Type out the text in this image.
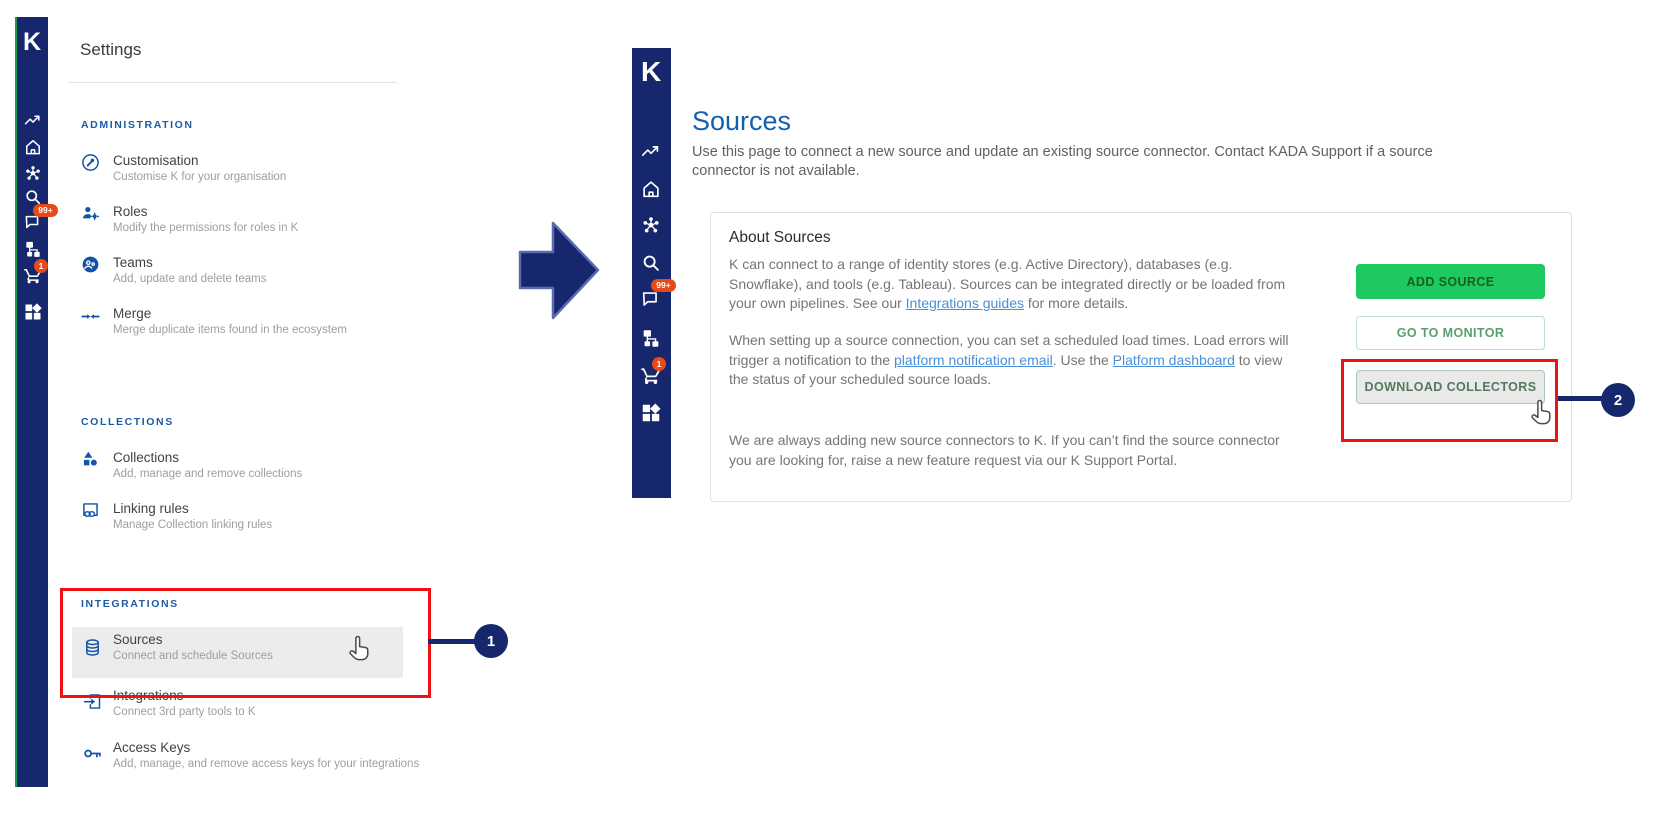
K
99+
1
Settings
ADMINISTRATION
Customisation
Customise K for your organisation
Roles
Modify the permissions for roles in K
Teams
Add, update and delete teams
Merge
Merge duplicate items found in the ecosystem
COLLECTIONS
Collections
Add, manage and remove collections
Linking rules
Manage Collection linking rules
INTEGRATIONS
Sources
Connect and schedule Sources
Integrations
Connect 3rd party tools to K
Access Keys
Add, manage, and remove access keys for your integrations
1
K
99+
1
Sources
Use this page to connect a new source and update an existing source connector. Contact KADA Support if a source connector is not available.
About Sources
K can connect to a range of identity stores (e.g. Active Directory), databases (e.g. Snowflake), and tools (e.g. Tableau). Sources can be integrated directly or be loaded from your own pipelines. See our Integrations guides for more details.
When setting up a source connection, you can set a scheduled load times. Load errors will trigger a notification to the platform notification email. Use the Platform dashboard to view the status of your scheduled source loads.
We are always adding new source connectors to K. If you can’t find the source connector you are looking for, raise a new feature request via our K Support Portal.
ADD SOURCE
GO TO MONITOR
DOWNLOAD COLLECTORS
2
